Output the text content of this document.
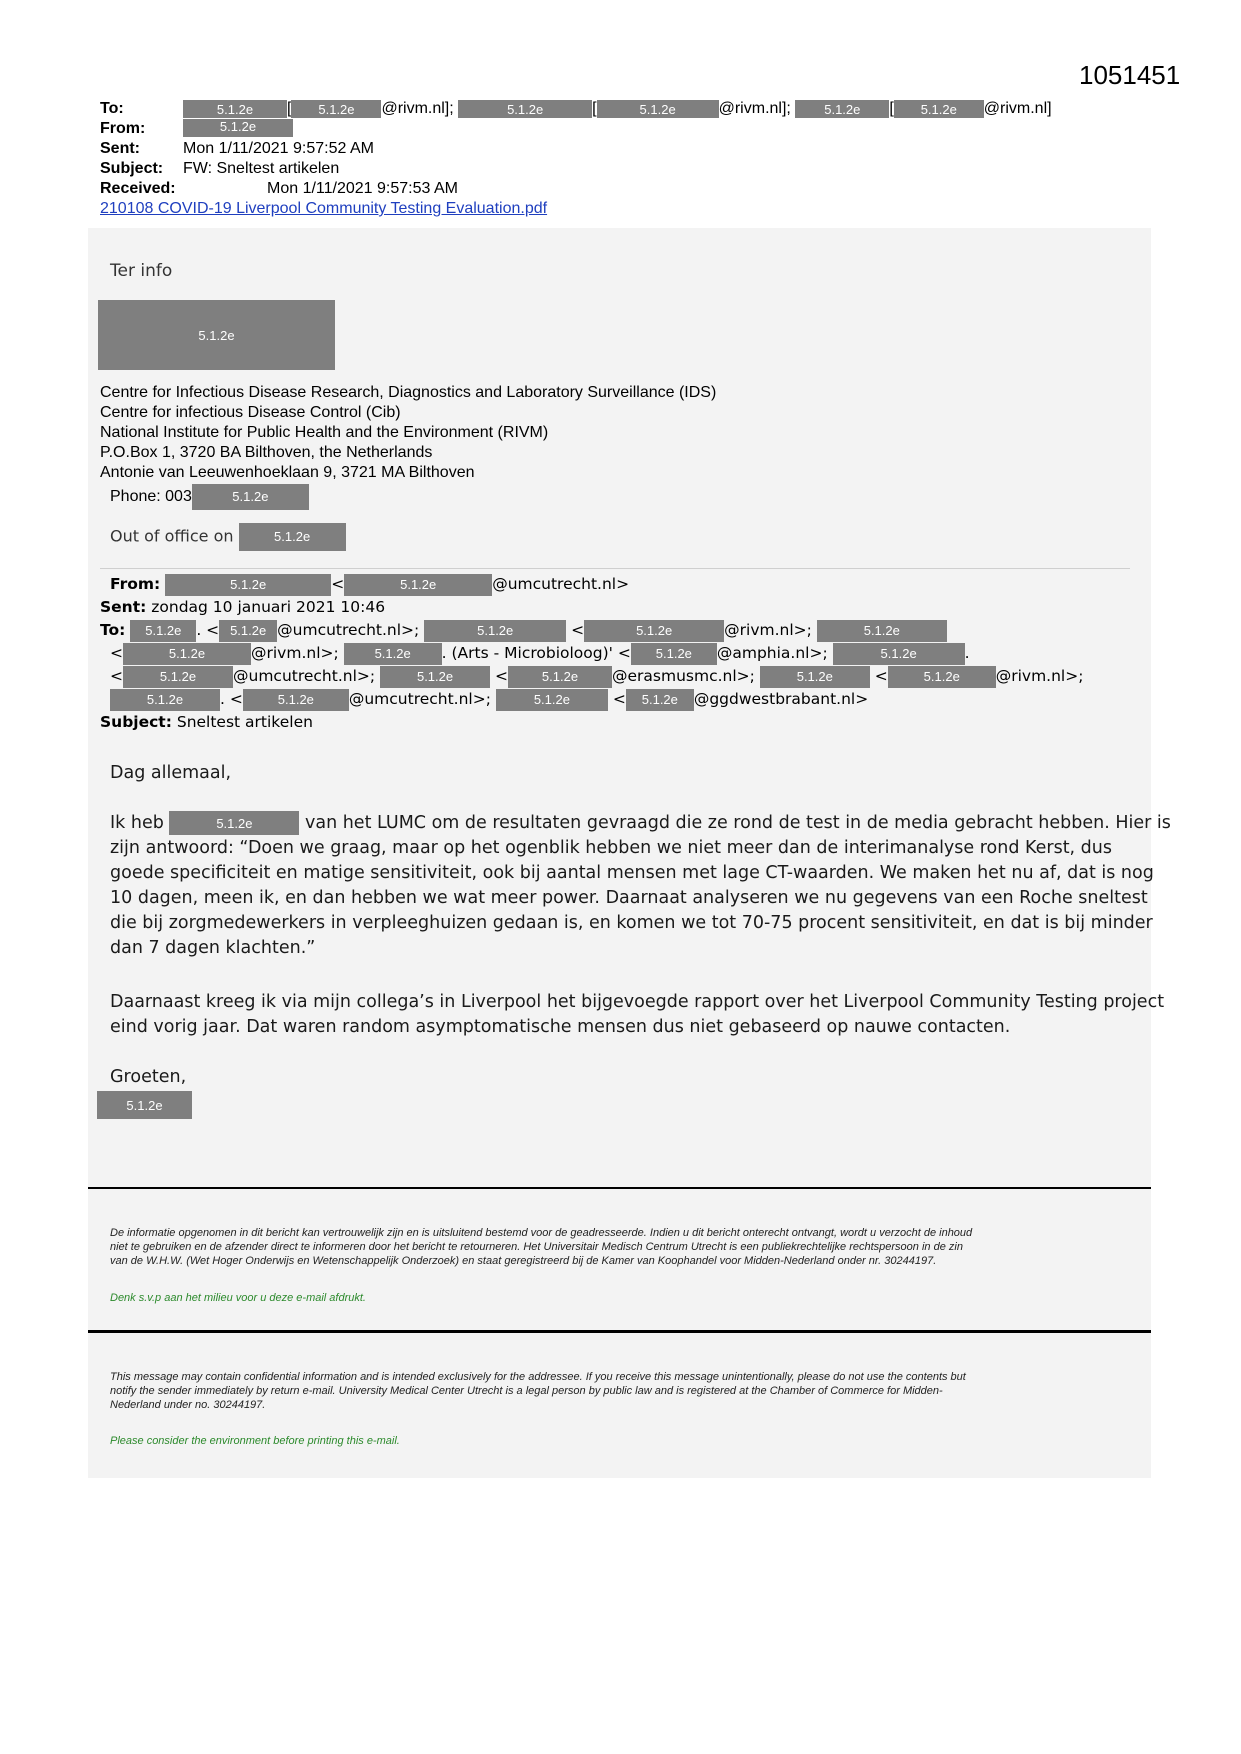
1051451
To:	5.1.2e [ 5.1.2e @rivm.nl];	5.1.2e	[	5.1.2e	@rivm.nl];	5.1.2e [ 5.1.2e @rivm.nl]
From:	5.1.2e
Sent:	Mon 1/11/2021 9:57:52 AM
Subject: FW: Sneltest artikelen
Received:	Mon 1/11/2021 9:57:53 AM
210108 COVID-19 Liverpool Community Testing Evaluation.pdf
Ter info
5.1.2e
Centre for Infectious Disease Research, Diagnostics and Laboratory Surveillance (IDS)
Centre for infectious Disease Control (Cib)
National Institute for Public Health and the Environment (RIVM)
P.O.Box 1, 3720 BA Bilthoven, the Netherlands
Antonie van Leeuwenhoeklaan 9, 3721 MA Bilthoven
Phone: 003	5.1.2e
Out of office on	5.1.2e
From:	5.1.2e	<	5.1.2e	@umcutrecht.nl>
Sent: zondag 10 januari 2021 10:46
To: 5.1.2e . < 5.1.2e @umcutrecht.nl>;	5.1.2e	<	5.1.2e	@rivm.nl>;	5.1.2e
<	5.1.2e	@rivm.nl>;	5.1.2e . (Arts - Microbioloog)' < 5.1.2e @amphia.nl>;	5.1.2e	.
<	5.1.2e @umcutrecht.nl>;	5.1.2e	<	5.1.2e @erasmusmc.nl>;	5.1.2e	<	5.1.2e @rivm.nl>;
5.1.2e . <	5.1.2e @umcutrecht.nl>;	5.1.2e	< 5.1.2e @ggdwestbrabant.nl>
Subject: Sneltest artikelen
Dag allemaal,
Ik heb	5.1.2e	van het LUMC om de resultaten gevraagd die ze rond de test in de media gebracht hebben. Hier is
zijn antwoord: “Doen we graag, maar op het ogenblik hebben we niet meer dan de interimanalyse rond Kerst, dus
goede specificiteit en matige sensitiviteit, ook bij aantal mensen met lage CT-waarden. We maken het nu af, dat is nog
10 dagen, meen ik, en dan hebben we wat meer power. Daarnaat analyseren we nu gegevens van een Roche sneltest
die bij zorgmedewerkers in verpleeghuizen gedaan is, en komen we tot 70-75 procent sensitiviteit, en dat is bij minder
dan 7 dagen klachten.”
Daarnaast kreeg ik via mijn collega’s in Liverpool het bijgevoegde rapport over het Liverpool Community Testing project
eind vorig jaar. Dat waren random asymptomatische mensen dus niet gebaseerd op nauwe contacten.
Groeten,
5.1.2e
De informatie opgenomen in dit bericht kan vertrouwelijk zijn en is uitsluitend bestemd voor de geadresseerde. Indien u dit bericht onterecht ontvangt, wordt u verzocht de inhoud
niet te gebruiken en de afzender direct te informeren door het bericht te retourneren. Het Universitair Medisch Centrum Utrecht is een publiekrechtelijke rechtspersoon in de zin
van de W.H.W. (Wet Hoger Onderwijs en Wetenschappelijk Onderzoek) en staat geregistreerd bij de Kamer van Koophandel voor Midden-Nederland onder nr. 30244197.
Denk s.v.p aan het milieu voor u deze e-mail afdrukt.
This message may contain confidential information and is intended exclusively for the addressee. If you receive this message unintentionally, please do not use the contents but
notify the sender immediately by return e-mail. University Medical Center Utrecht is a legal person by public law and is registered at the Chamber of Commerce for Midden-
Nederland under no. 30244197.
Please consider the environment before printing this e-mail.
